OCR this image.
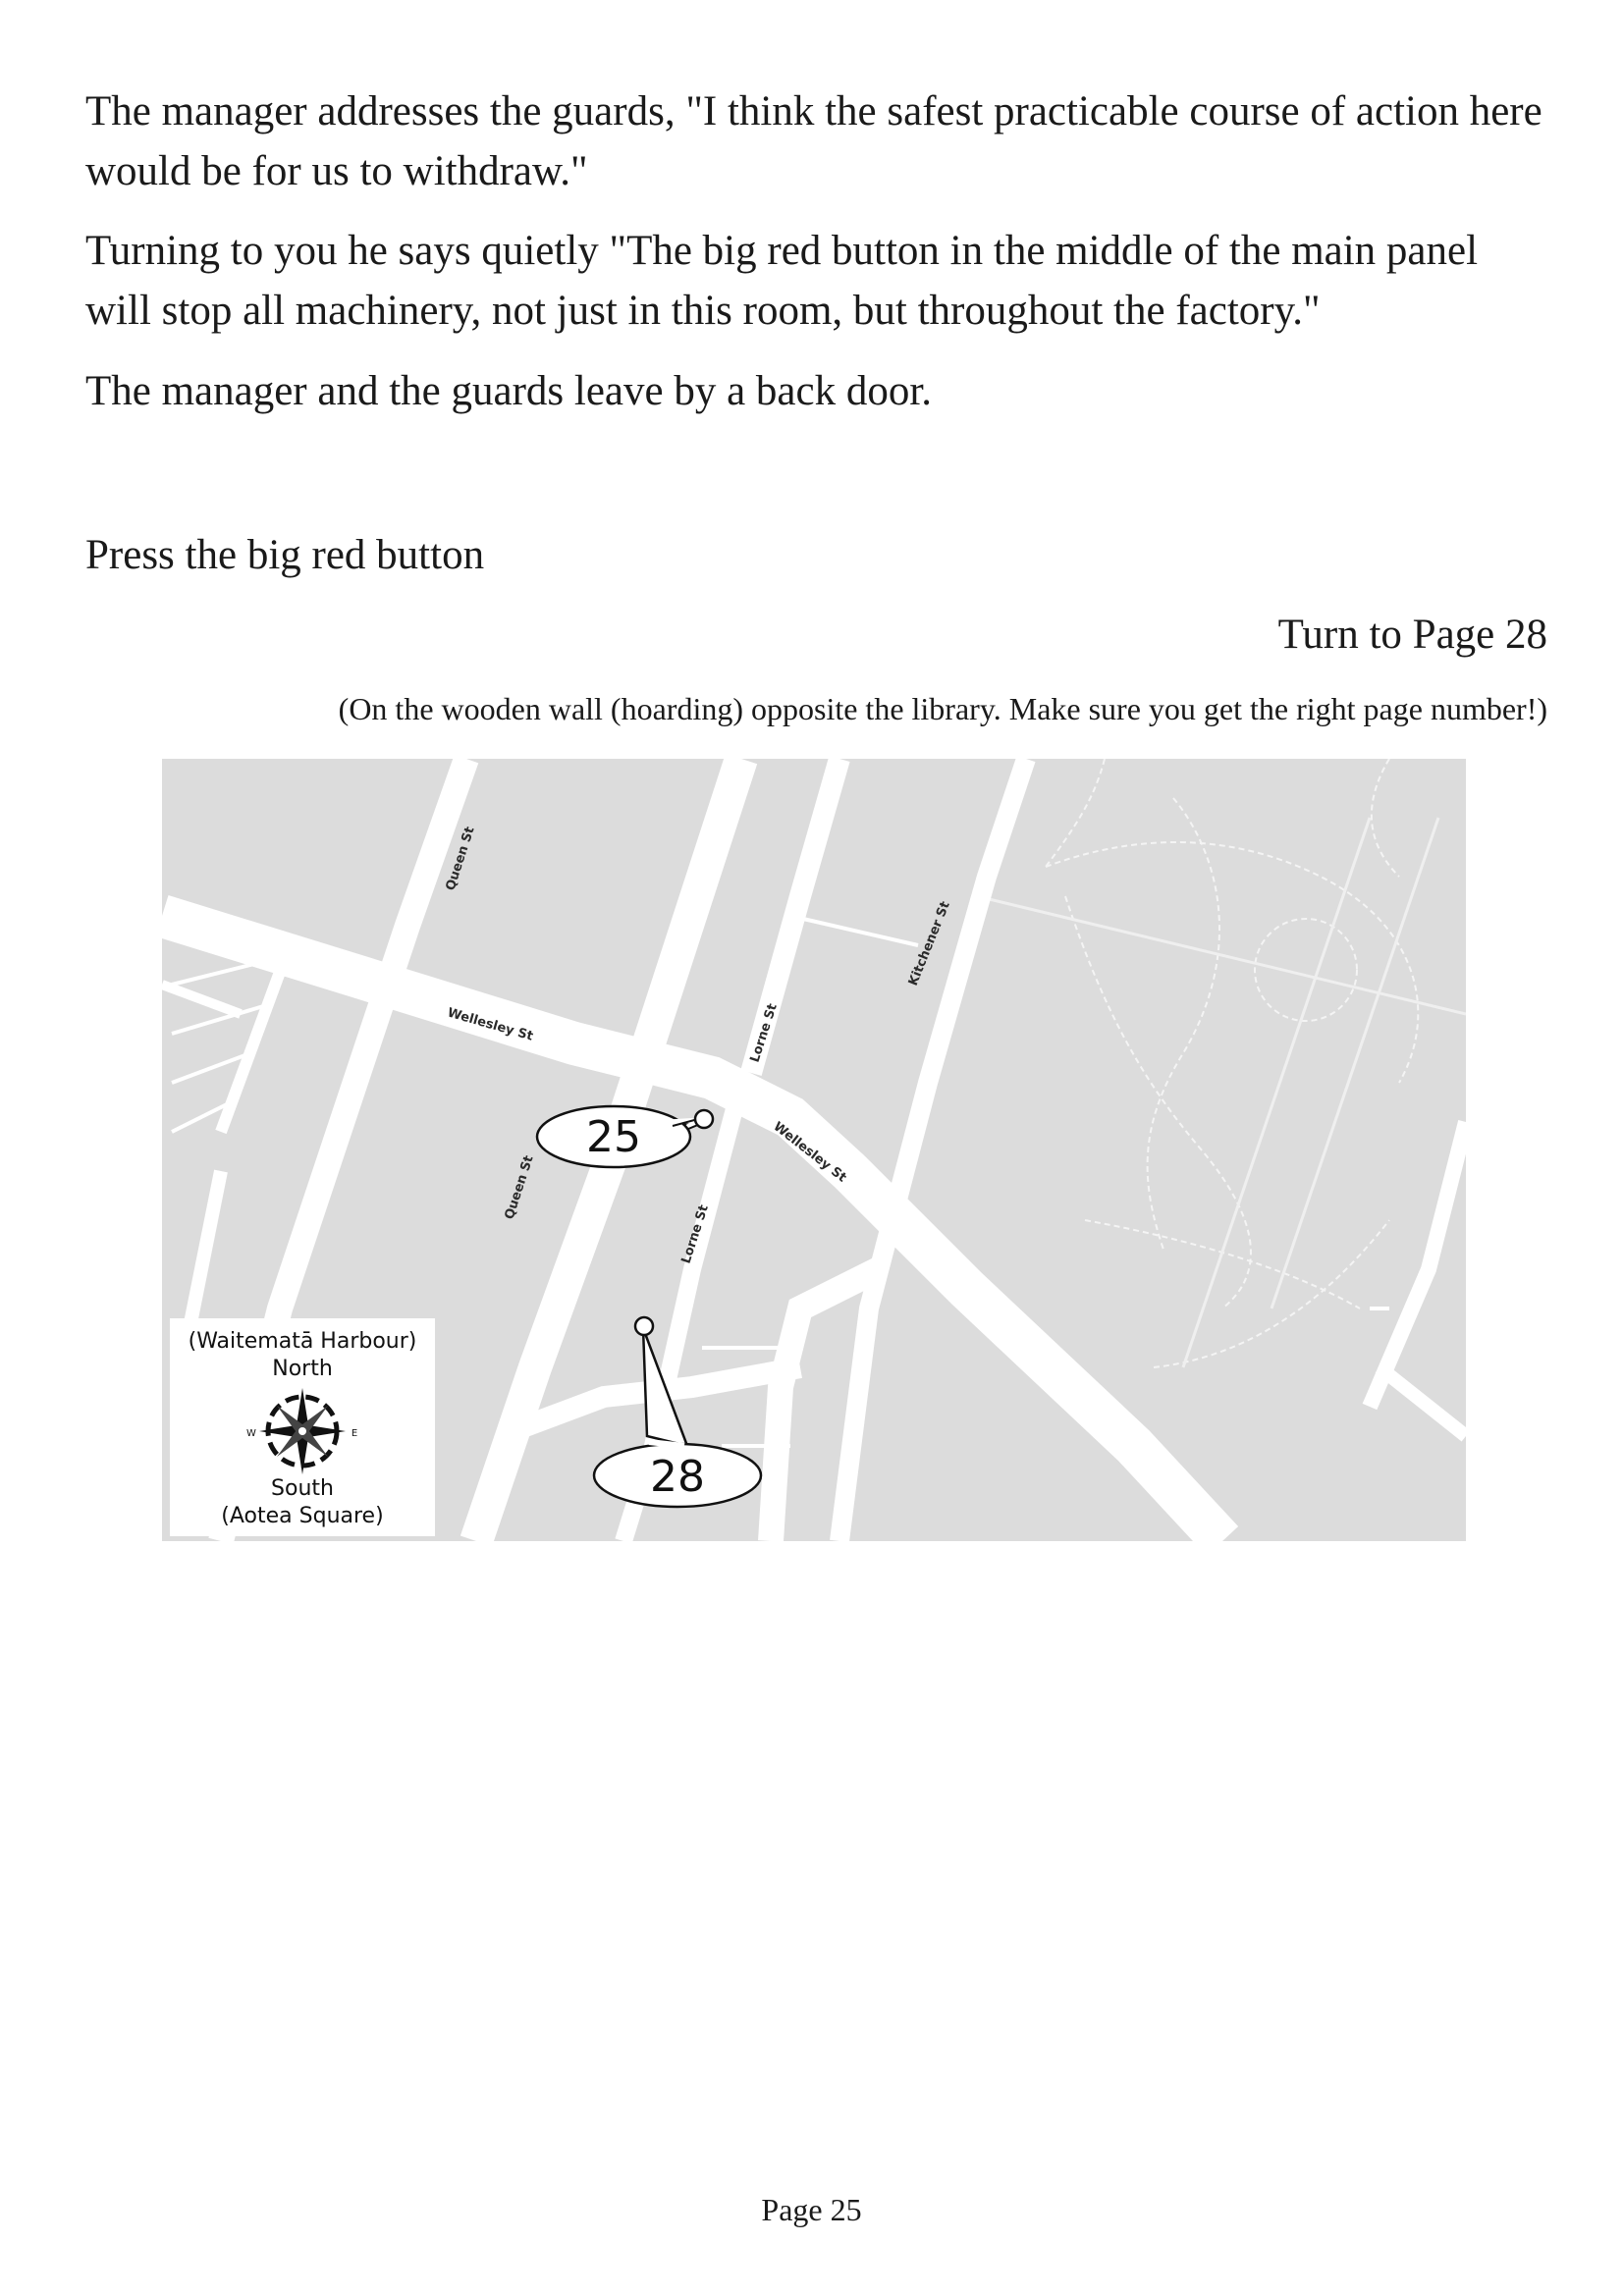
The manager addresses the guards, "I think the safest practicable course of action here would be for us to withdraw."

Turning to you he says quietly "The big red button in the middle of the main panel will stop all machinery, not just in this room, but throughout the factory."

The manager and the guards leave by a back door.

Press the big red button
Turn to Page 28
(On the wooden wall (hoarding) opposite the library. Make sure you get the right page number!)
Queen St
Wellesley St	Lorne St
Kitchener St
Wellesley St
Queen St
Lorne St
25
28
(Waitematā Harbour)
North
W	E
South
(Aotea Square)
Page 25
